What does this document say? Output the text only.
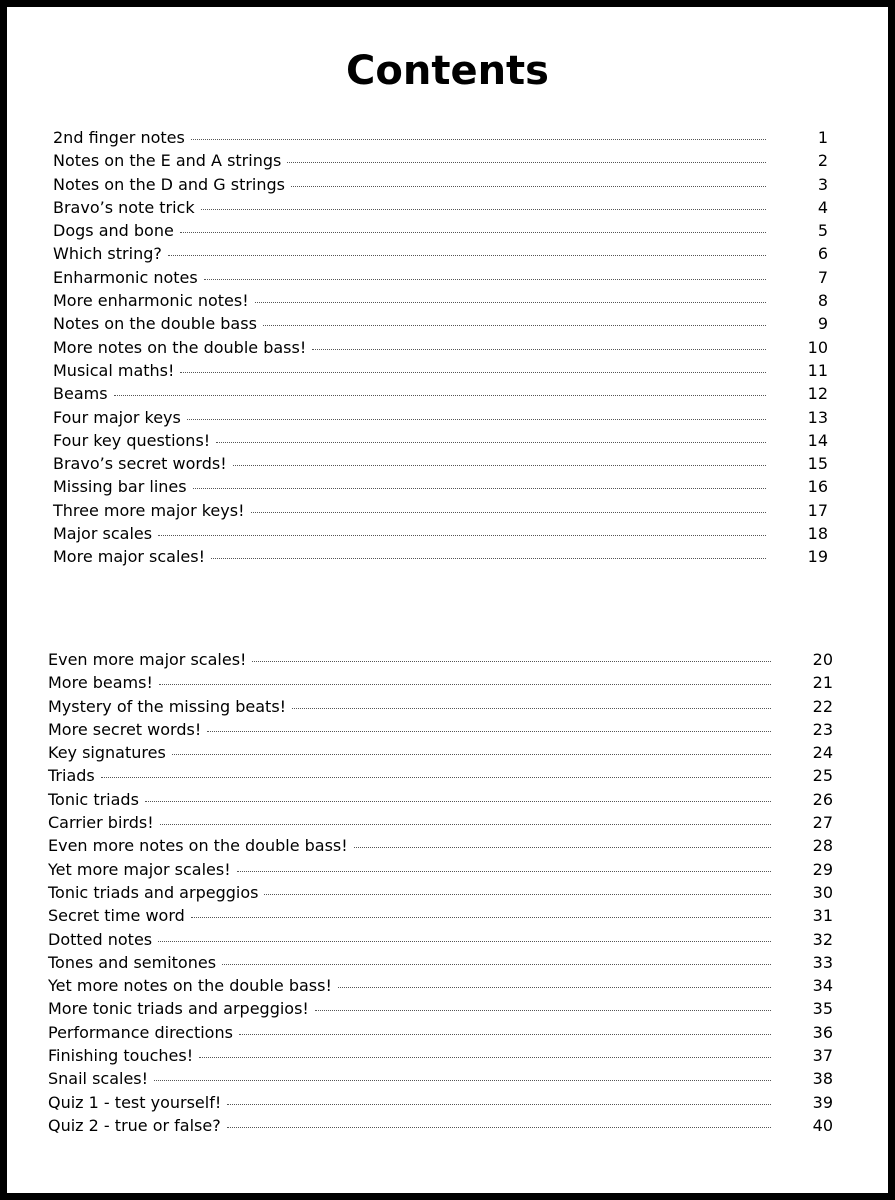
Contents
2nd finger notes	1
Notes on the E and A strings	2
Notes on the D and G strings	3
Bravo’s note trick	4
Dogs and bone	5
Which string?	6
Enharmonic notes	7
More enharmonic notes!	8
Notes on the double bass	9
More notes on the double bass!	10
Musical maths!	11
Beams	12
Four major keys	13
Four key questions!	14
Bravo’s secret words!	15
Missing bar lines	16
Three more major keys!	17
Major scales	18
More major scales!	19
Even more major scales!	20
More beams!	21
Mystery of the missing beats!	22
More secret words!	23
Key signatures	24
Triads	25
Tonic triads	26
Carrier birds!	27
Even more notes on the double bass!	28
Yet more major scales!	29
Tonic triads and arpeggios	30
Secret time word	31
Dotted notes	32
Tones and semitones	33
Yet more notes on the double bass!	34
More tonic triads and arpeggios!	35
Performance directions	36
Finishing touches!	37
Snail scales!	38
Quiz 1 - test yourself!	39
Quiz 2 - true or false?	40
